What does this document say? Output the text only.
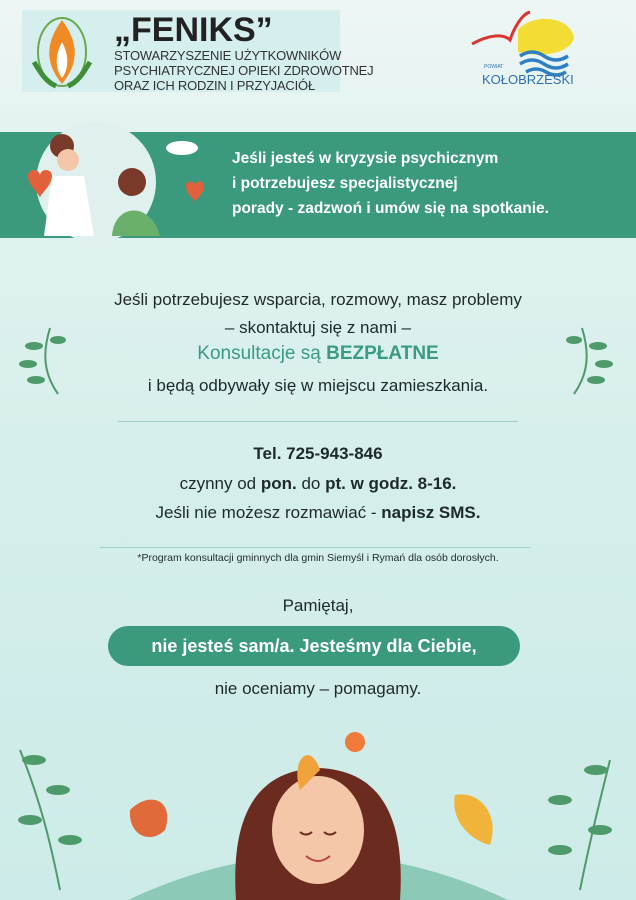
„FENIKS”
STOWARZYSZENIE UŻYTKOWNIKÓW
PSYCHIATRYCZNEJ OPIEKI ZDROWOTNEJ
ORAZ ICH RODZIN I PRZYJACIÓŁ
POWIAT
KOŁOBRZESKI
Jeśli jesteś w kryzysie psychicznym
i potrzebujesz specjalistycznej
porady - zadzwoń i umów się na spotkanie.
Jeśli potrzebujesz wsparcia, rozmowy, masz problemy
– skontaktuj się z nami –
Konsultacje są BEZPŁATNE
i będą odbywały się w miejscu zamieszkania.
Tel. 725-943-846
czynny od pon. do pt. w godz. 8-16.
Jeśli nie możesz rozmawiać - napisz SMS.
*Program konsultacji gminnych dla gmin Siemyśl i Rymań dla osób dorosłych.
Pamiętaj,
nie jesteś sam/a. Jesteśmy dla Ciebie,
nie oceniamy – pomagamy.
